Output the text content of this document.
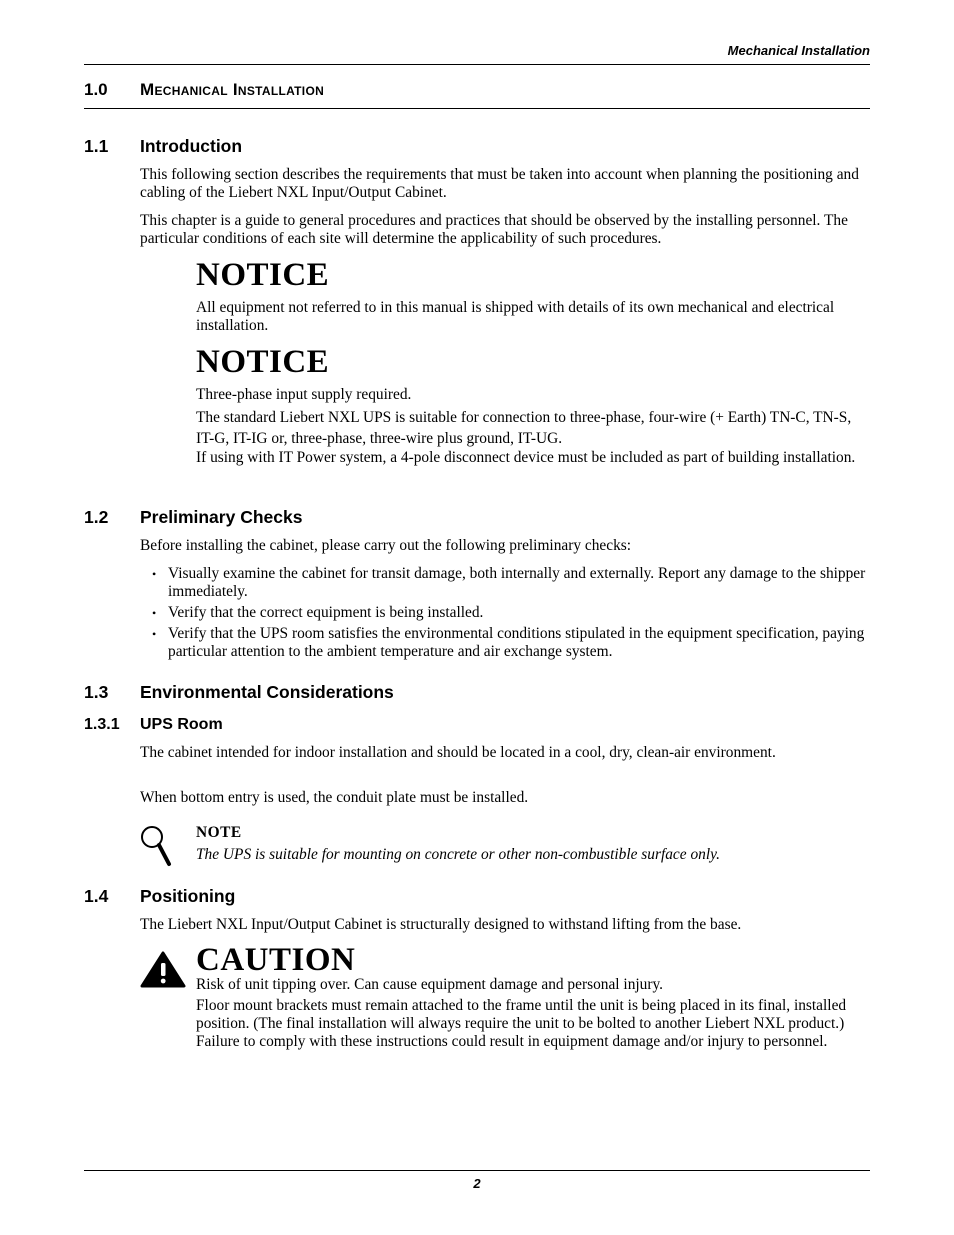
Mechanical Installation
1.0 Mechanical Installation
1.1 Introduction

This following section describes the requirements that must be taken into account when planning the positioning and cabling of the Liebert NXL Input/Output Cabinet.

This chapter is a guide to general procedures and practices that should be observed by the installing personnel. The particular conditions of each site will determine the applicability of such procedures.

NOTICE

All equipment not referred to in this manual is shipped with details of its own mechanical and electrical installation.

NOTICE

Three-phase input supply required.

The standard Liebert NXL UPS is suitable for connection to three-phase, four-wire (+ Earth) TN-C, TN-S, IT-G, IT-IG or, three-phase, three-wire plus ground, IT-UG.

If using with IT Power system, a 4-pole disconnect device must be included as part of building installation.

1.2 Preliminary Checks

Before installing the cabinet, please carry out the following preliminary checks:

• Visually examine the cabinet for transit damage, both internally and externally. Report any damage to the shipper immediately.
• Verify that the correct equipment is being installed.
• Verify that the UPS room satisfies the environmental conditions stipulated in the equipment specification, paying particular attention to the ambient temperature and air exchange system.
1.3 Environmental Considerations
1.3.1 UPS Room

The cabinet intended for indoor installation and should be located in a cool, dry, clean-air environment.

When bottom entry is used, the conduit plate must be installed.

NOTE
The UPS is suitable for mounting on concrete or other non-combustible surface only.
1.4 Positioning

The Liebert NXL Input/Output Cabinet is structurally designed to withstand lifting from the base.

CAUTION

Risk of unit tipping over. Can cause equipment damage and personal injury.

Floor mount brackets must remain attached to the frame until the unit is being placed in its final, installed position. (The final installation will always require the unit to be bolted to another Liebert NXL product.) Failure to comply with these instructions could result in equipment damage and/or injury to personnel.

2
